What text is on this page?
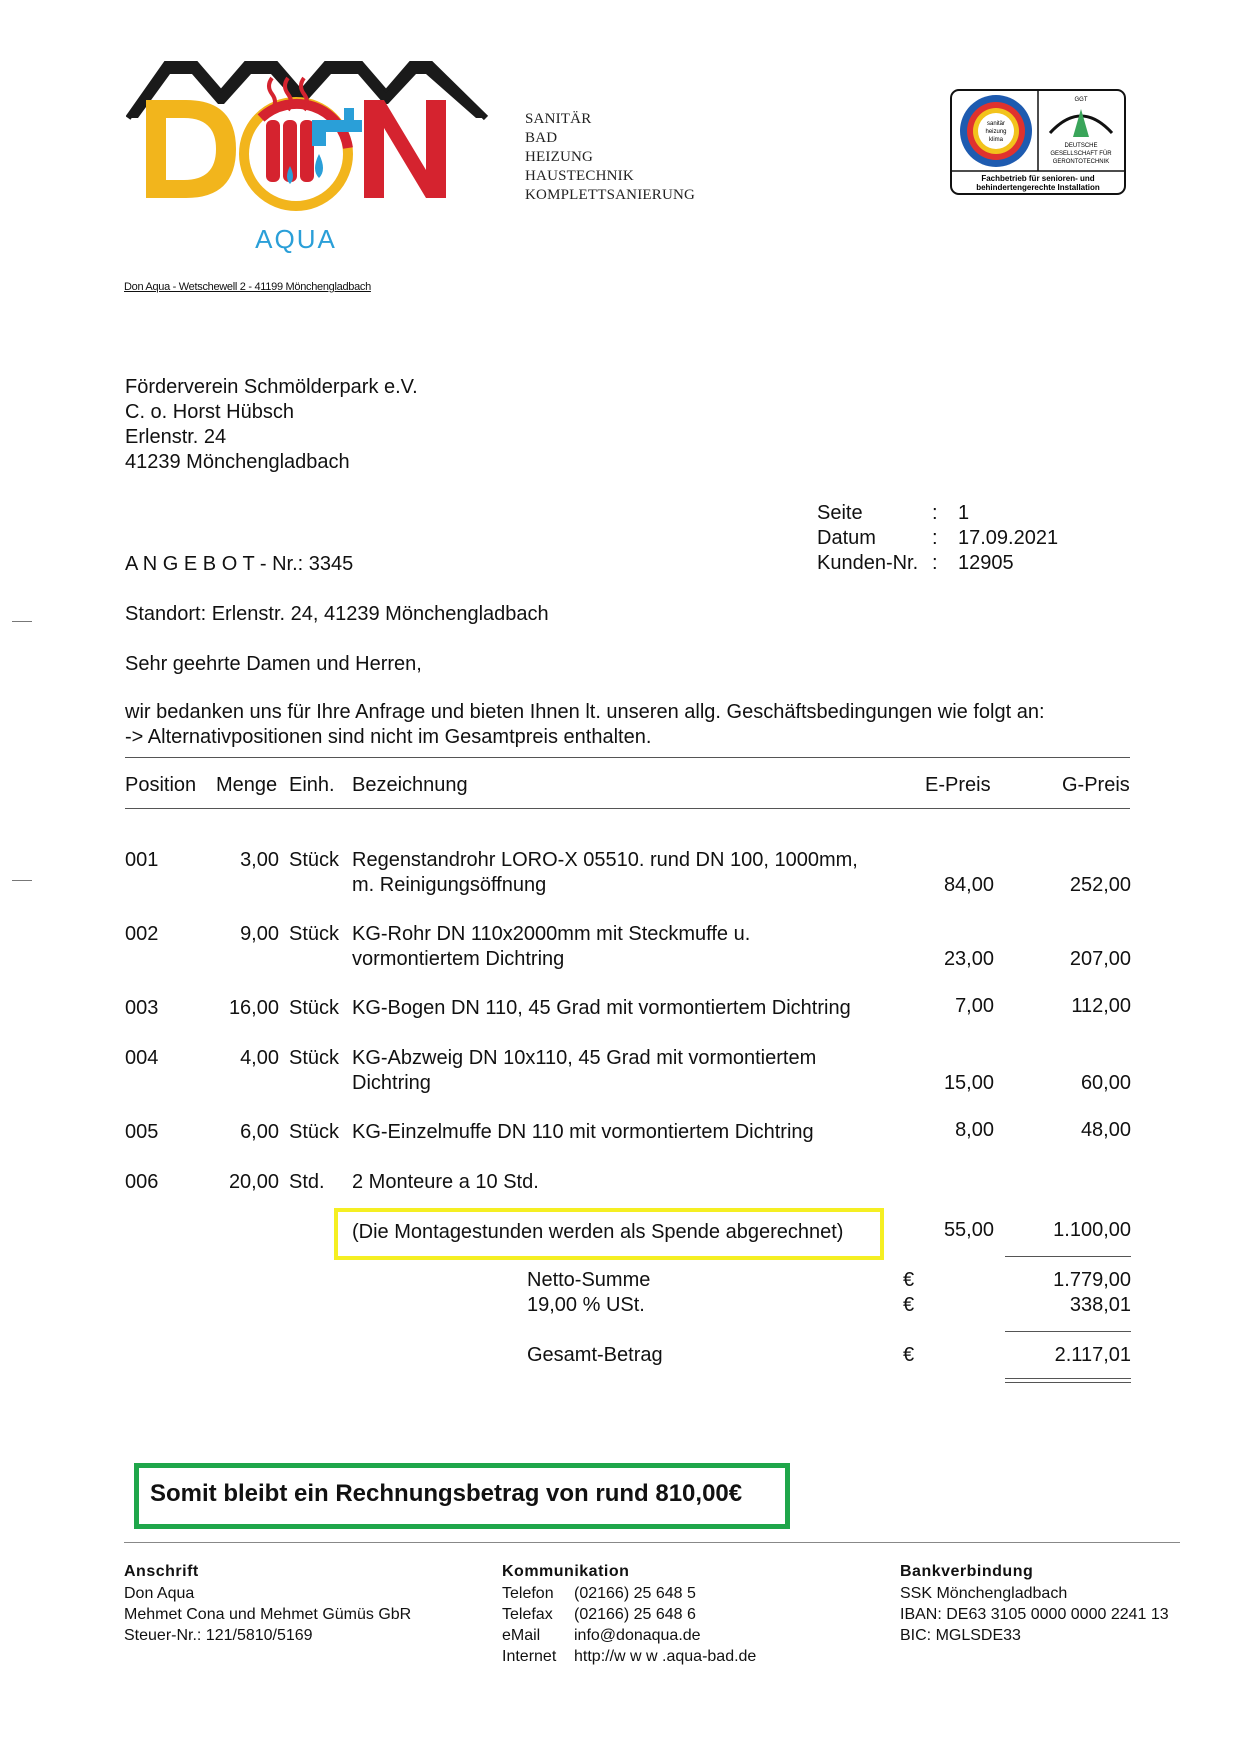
AQUA
SANITÄR
BAD
HEIZUNG
HAUSTECHNIK
KOMPLETTSANIERUNG
sanitär
heizung
klima
GGT
DEUTSCHE
GESELLSCHAFT FÜR
GERONTOTECHNIK
Fachbetrieb für senioren- und
behindertengerechte Installation
Don Aqua - Wetschewell 2 - 41199 Mönchengladbach
Förderverein Schmölderpark e.V.
C. o. Horst Hübsch
Erlenstr. 24
41239 Mönchengladbach
Seite	: 1
Datum	: 17.09.2021
Kunden-Nr. : 12905
A N G E B O T - Nr.: 3345
Standort: Erlenstr. 24, 41239 Mönchengladbach
Sehr geehrte Damen und Herren,
wir bedanken uns für Ihre Anfrage und bieten Ihnen lt. unseren allg. Geschäftsbedingungen wie folgt an:
-> Alternativpositionen sind nicht im Gesamtpreis enthalten.
Position Menge Einh. Bezeichnung	E-Preis	G-Preis
001	3,00 Stück Regenstandrohr LORO-X 05510. rund DN 100, 1000mm,
m. Reinigungsöffnung	84,00	252,00
002	9,00 Stück KG-Rohr DN 110x2000mm mit Steckmuffe u.
vormontiertem Dichtring	23,00	207,00
003	16,00 Stück KG-Bogen DN 110, 45 Grad mit vormontiertem Dichtring	7,00	112,00
004	4,00 Stück KG-Abzweig DN 10x110, 45 Grad mit vormontiertem
Dichtring	15,00	60,00
005	6,00 Stück KG-Einzelmuffe DN 110 mit vormontiertem Dichtring	8,00	48,00
006	20,00 Std. 2 Monteure a 10 Std.
(Die Montagestunden werden als Spende abgerechnet)	55,00	1.100,00
Netto-Summe	€	1.779,00
19,00 % USt.	€	338,01
Gesamt-Betrag	€	2.117,01
Somit bleibt ein Rechnungsbetrag von rund 810,00€
Anschrift
Don Aqua
Mehmet Cona und Mehmet Gümüs GbR
Steuer-Nr.: 121/5810/5169
Kommunikation
Telefon (02166) 25 648 5
Telefax (02166) 25 648 6
eMail info@donaqua.de
Internet http://w w w .aqua-bad.de
Bankverbindung
SSK Mönchengladbach
IBAN: DE63 3105 0000 0000 2241 13
BIC: MGLSDE33
